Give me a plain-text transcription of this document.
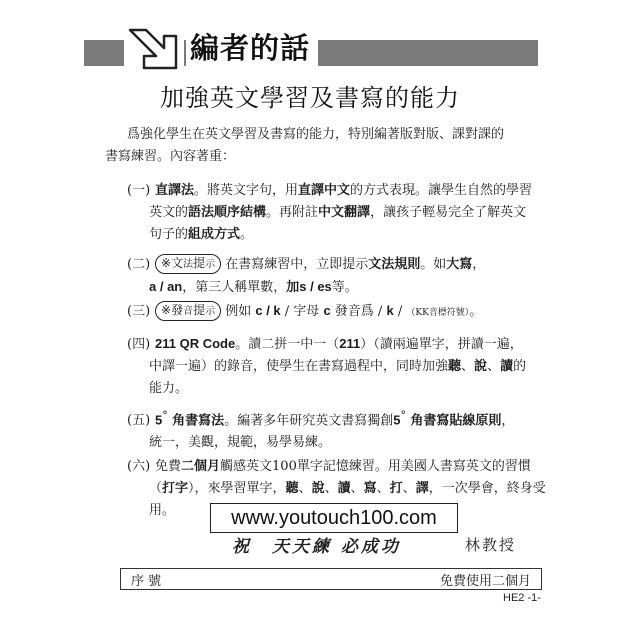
編者的話
加強英文學習及書寫的能力
爲強化學生在英文學習及書寫的能力，特別編著版對版、課對課的
書寫練習。內容著重：
(一) 直譯法。將英文字句，用直譯中文的方式表現。讓學生自然的學習
英文的語法順序結構。再附註中文翻譯，讓孩子輕易完全了解英文
句子的組成方式。
(二) ※文法提示 在書寫練習中，立即提示文法規則。如大寫，
a / an，第三人稱單數，加s / es等。
(三) ※發音提示 例如 c / k / 字母 c 發音爲 / k / （KK音標符號）。
(四) 211 QR Code。讀二拼一中一（211）（讀兩遍單字，拼讀一遍，
中譯一遍）的錄音，使學生在書寫過程中，同時加強聽、說、讀的
能力。
(五) 5° 角書寫法。編著多年研究英文書寫獨創5° 角書寫貼線原則，
統一，美觀，規範，易學易練。
(六) 免費二個月觸感英文100單字記憶練習。用美國人書寫英文的習慣
（打字），來學習單字，聽、說、讀、寫、打、譯，一次學會，終身受
用。	www.youtouch100.com
祝　天天練 必成功	林教授
序 號	免費使用二個月
HE2 -1-
